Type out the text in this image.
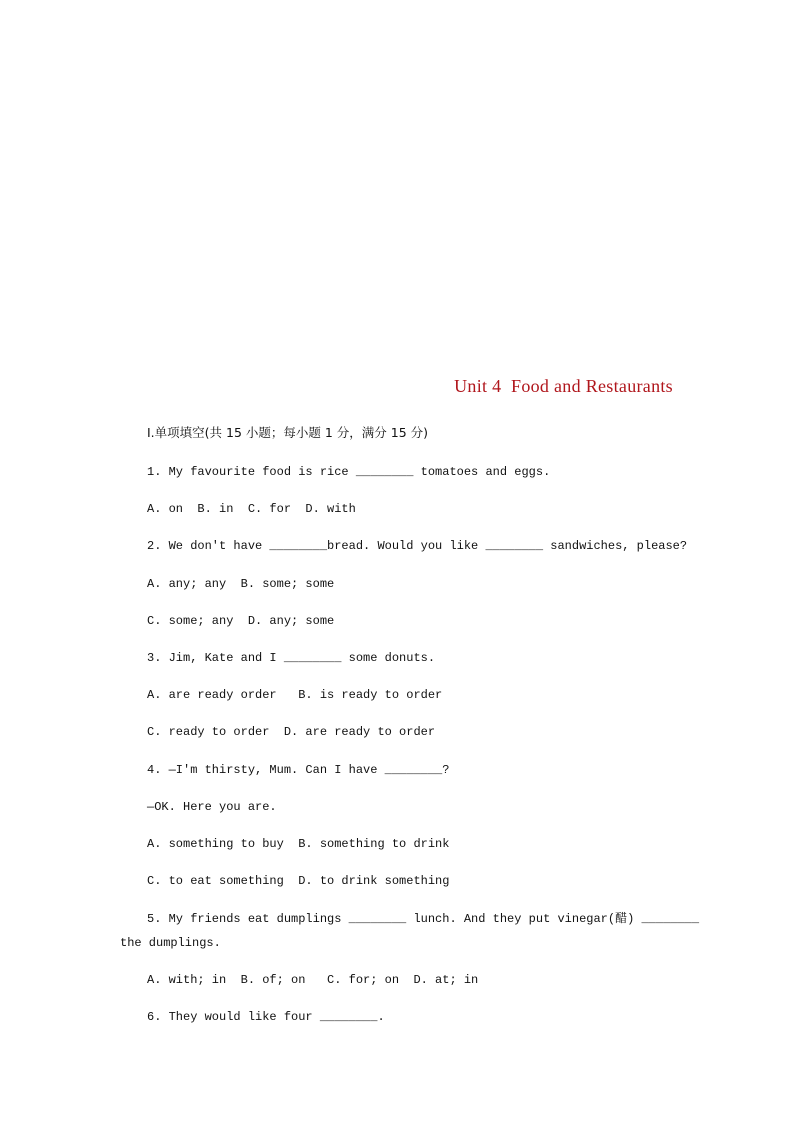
Unit 4  Food and Restaurants
Ⅰ.单项填空(共 15 小题；每小题 1 分，满分 15 分)
1. My favourite food is rice ________ tomatoes and eggs.
A. on  B. in  C. for  D. with
2. We don't have ________bread. Would you like ________ sandwiches, please?
A. any; any  B. some; some
C. some; any  D. any; some
3. Jim, Kate and I ________ some donuts.
A. are ready order   B. is ready to order
C. ready to order  D. are ready to order
4. —I'm thirsty, Mum. Can I have ________?
—OK. Here you are.
A. something to buy  B. something to drink
C. to eat something  D. to drink something
5. My friends eat dumplings ________ lunch. And they put vinegar(醋) ________
the dumplings.
A. with; in  B. of; on   C. for; on  D. at; in
6. They would like four ________.
